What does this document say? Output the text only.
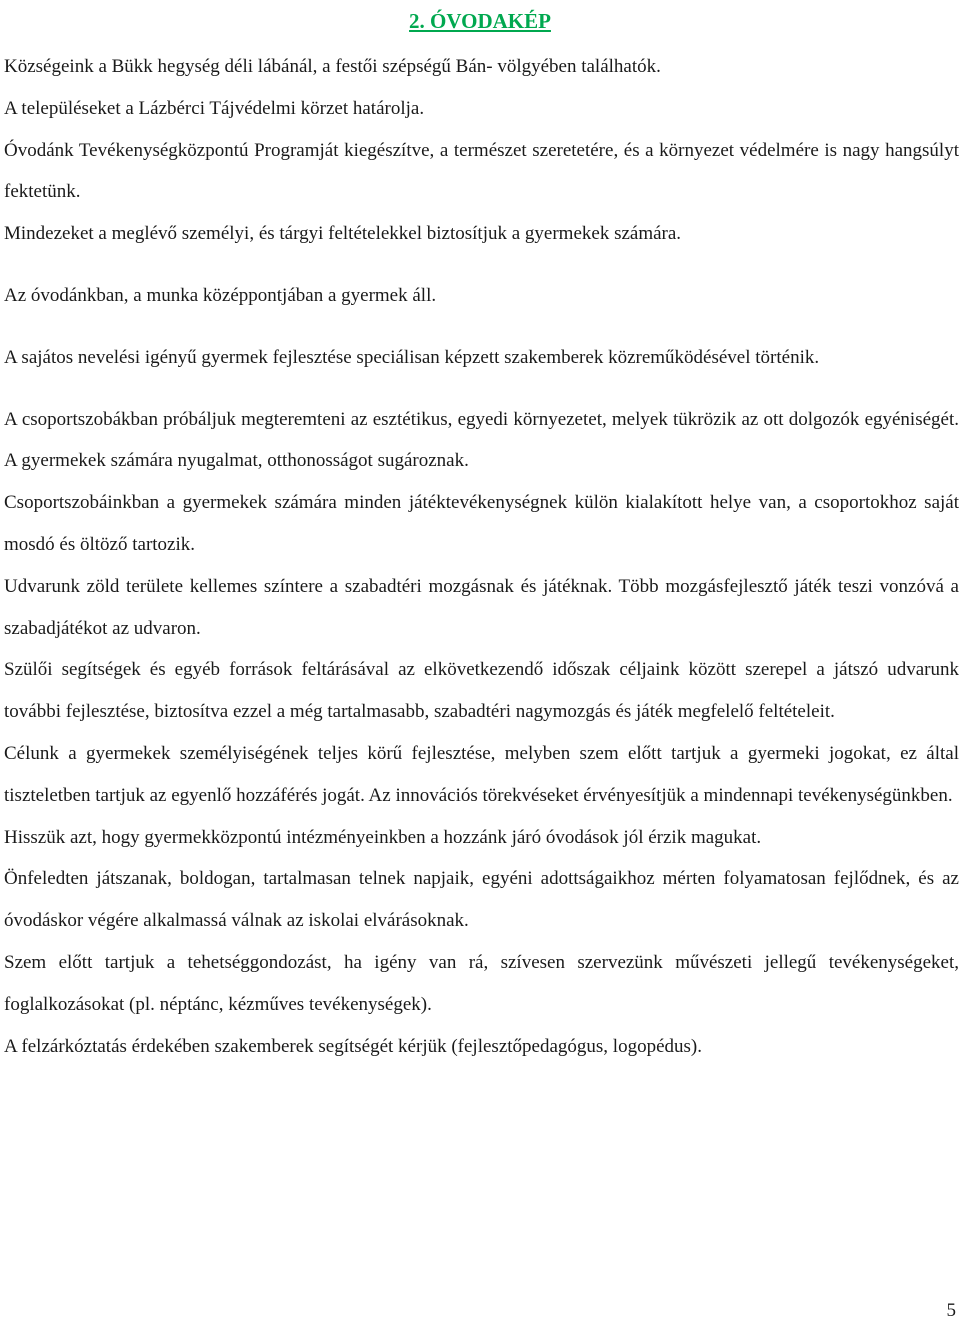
2. ÓVODAKÉP

Községeink a Bükk hegység déli lábánál, a festői szépségű Bán- völgyében találhatók.

A településeket a Lázbérci Tájvédelmi körzet határolja.

Óvodánk Tevékenységközpontú Programját kiegészítve, a természet szeretetére, és a környezet védelmére is nagy hangsúlyt fektetünk.

Mindezeket a meglévő személyi, és tárgyi feltételekkel biztosítjuk a gyermekek számára.

Az óvodánkban, a munka középpontjában a gyermek áll.

A sajátos nevelési igényű gyermek fejlesztése speciálisan képzett szakemberek közreműködésével történik.

A csoportszobákban próbáljuk megteremteni az esztétikus, egyedi környezetet, melyek tükrözik az ott dolgozók egyéniségét. A gyermekek számára nyugalmat, otthonosságot sugároznak.

Csoportszobáinkban a gyermekek számára minden játéktevékenységnek külön kialakított helye van, a csoportokhoz saját mosdó és öltöző tartozik.

Udvarunk zöld területe kellemes színtere a szabadtéri mozgásnak és játéknak. Több mozgásfejlesztő játék teszi vonzóvá a szabadjátékot az udvaron.

Szülői segítségek és egyéb források feltárásával az elkövetkezendő időszak céljaink között szerepel a játszó udvarunk további fejlesztése, biztosítva ezzel a még tartalmasabb, szabadtéri nagymozgás és játék megfelelő feltételeit.

Célunk a gyermekek személyiségének teljes körű fejlesztése, melyben szem előtt tartjuk a gyermeki jogokat, ez által tiszteletben tartjuk az egyenlő hozzáférés jogát. Az innovációs törekvéseket érvényesítjük a mindennapi tevékenységünkben.

Hisszük azt, hogy gyermekközpontú intézményeinkben a hozzánk járó óvodások jól érzik magukat.

Önfeledten játszanak, boldogan, tartalmasan telnek napjaik, egyéni adottságaikhoz mérten folyamatosan fejlődnek, és az óvodáskor végére alkalmassá válnak az iskolai elvárásoknak.

Szem előtt tartjuk a tehetséggondozást, ha igény van rá, szívesen szervezünk művészeti jellegű tevékenységeket, foglalkozásokat (pl. néptánc, kézműves tevékenységek).

A felzárkóztatás érdekében szakemberek segítségét kérjük (fejlesztőpedagógus, logopédus).

5
